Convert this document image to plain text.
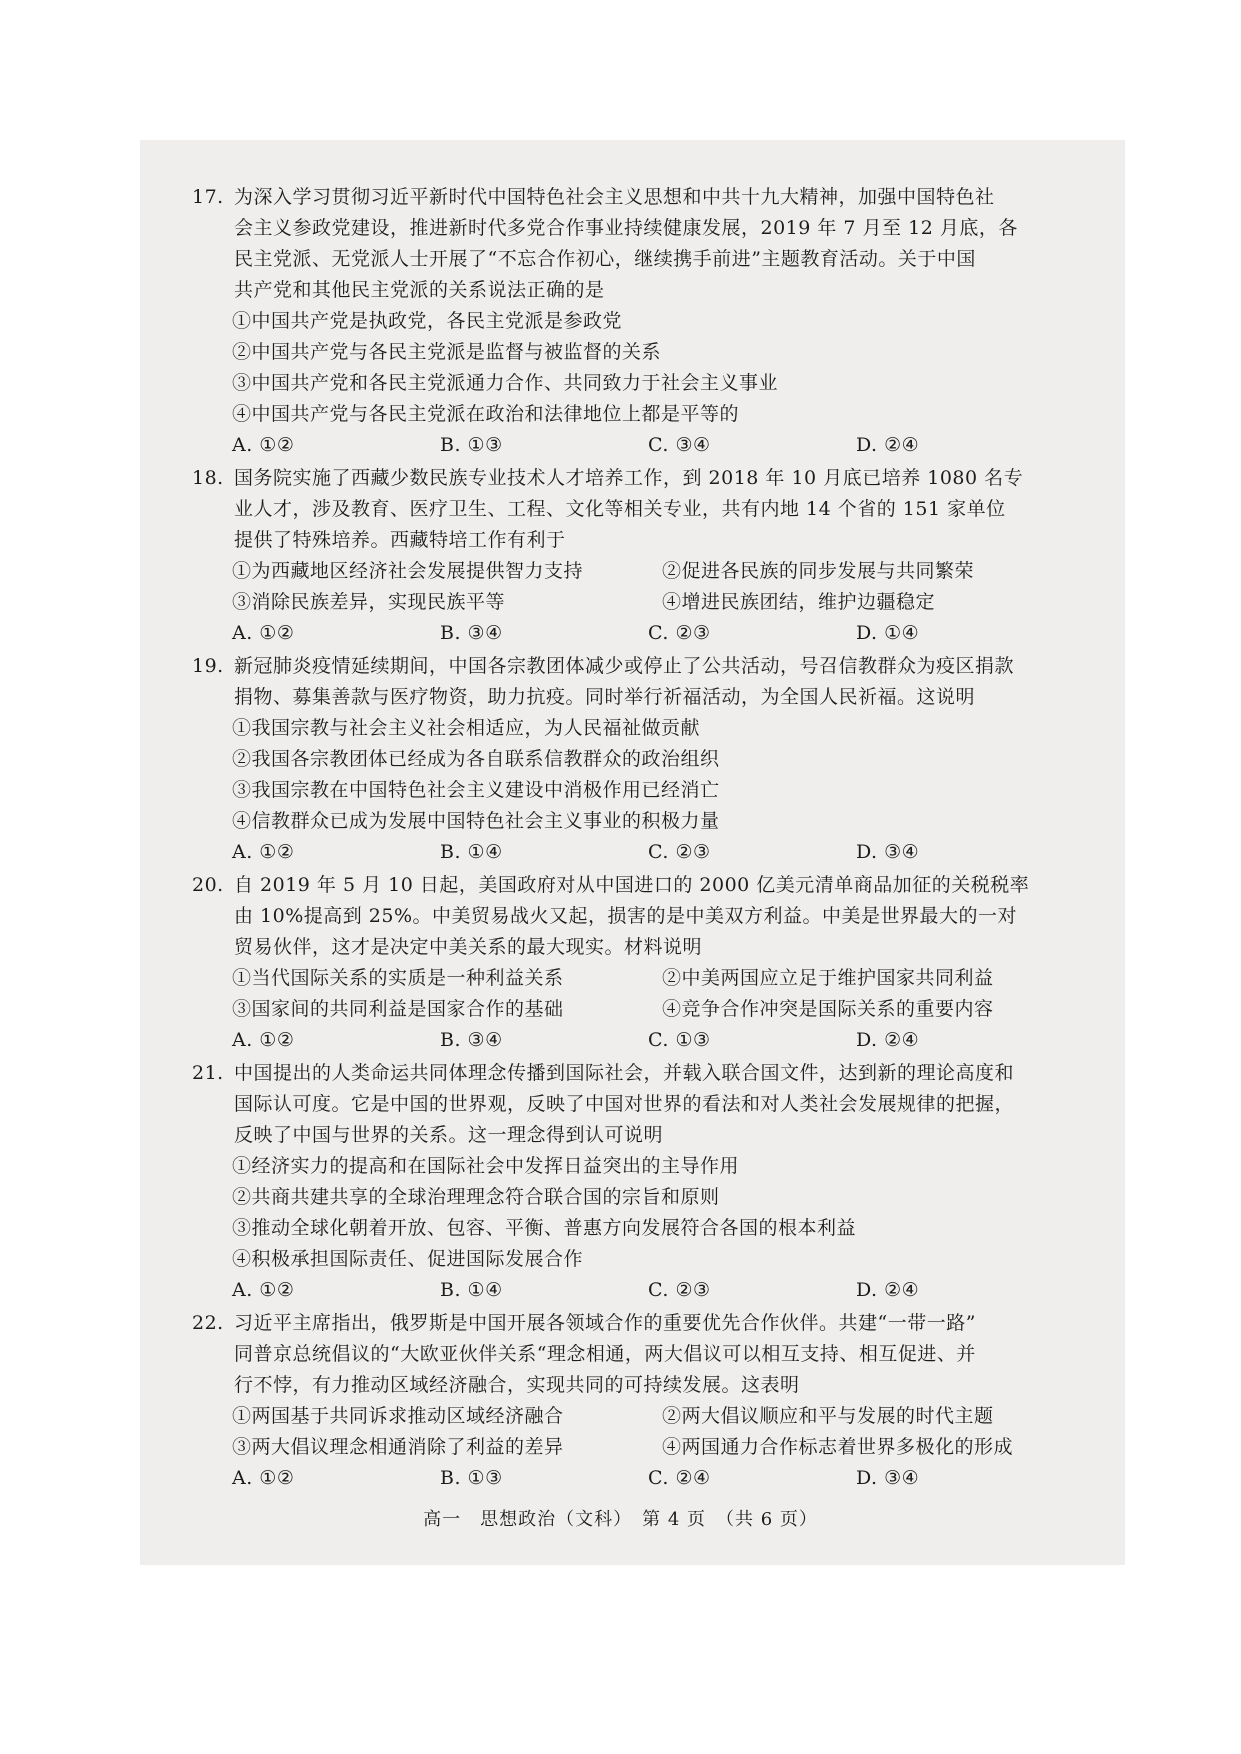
17. 为深入学习贯彻习近平新时代中国特色社会主义思想和中共十九大精神，加强中国特色社
会主义参政党建设，推进新时代多党合作事业持续健康发展，2019 年 7 月至 12 月底，各
民主党派、无党派人士开展了“不忘合作初心，继续携手前进”主题教育活动。关于中国
共产党和其他民主党派的关系说法正确的是
①中国共产党是执政党，各民主党派是参政党
②中国共产党与各民主党派是监督与被监督的关系
③中国共产党和各民主党派通力合作、共同致力于社会主义事业
④中国共产党与各民主党派在政治和法律地位上都是平等的
A. ①②	B. ①③	C. ③④	D. ②④
18. 国务院实施了西藏少数民族专业技术人才培养工作，到 2018 年 10 月底已培养 1080 名专
业人才，涉及教育、医疗卫生、工程、文化等相关专业，共有内地 14 个省的 151 家单位
提供了特殊培养。西藏特培工作有利于
①为西藏地区经济社会发展提供智力支持	②促进各民族的同步发展与共同繁荣
③消除民族差异，实现民族平等	④增进民族团结，维护边疆稳定
A. ①②	B. ③④	C. ②③	D. ①④
19. 新冠肺炎疫情延续期间，中国各宗教团体减少或停止了公共活动，号召信教群众为疫区捐款
捐物、募集善款与医疗物资，助力抗疫。同时举行祈福活动，为全国人民祈福。这说明
①我国宗教与社会主义社会相适应，为人民福祉做贡献
②我国各宗教团体已经成为各自联系信教群众的政治组织
③我国宗教在中国特色社会主义建设中消极作用已经消亡
④信教群众已成为发展中国特色社会主义事业的积极力量
A. ①②	B. ①④	C. ②③	D. ③④
20. 自 2019 年 5 月 10 日起，美国政府对从中国进口的 2000 亿美元清单商品加征的关税税率
由 10%提高到 25%。中美贸易战火又起，损害的是中美双方利益。中美是世界最大的一对
贸易伙伴，这才是决定中美关系的最大现实。材料说明
①当代国际关系的实质是一种利益关系	②中美两国应立足于维护国家共同利益
③国家间的共同利益是国家合作的基础	④竞争合作冲突是国际关系的重要内容
A. ①②	B. ③④	C. ①③	D. ②④
21. 中国提出的人类命运共同体理念传播到国际社会，并载入联合国文件，达到新的理论高度和
国际认可度。它是中国的世界观，反映了中国对世界的看法和对人类社会发展规律的把握，
反映了中国与世界的关系。这一理念得到认可说明
①经济实力的提高和在国际社会中发挥日益突出的主导作用
②共商共建共享的全球治理理念符合联合国的宗旨和原则
③推动全球化朝着开放、包容、平衡、普惠方向发展符合各国的根本利益
④积极承担国际责任、促进国际发展合作
A. ①②	B. ①④	C. ②③	D. ②④
22. 习近平主席指出，俄罗斯是中国开展各领域合作的重要优先合作伙伴。共建“一带一路”
同普京总统倡议的“大欧亚伙伴关系“理念相通，两大倡议可以相互支持、相互促进、并
行不悖，有力推动区域经济融合，实现共同的可持续发展。这表明
①两国基于共同诉求推动区域经济融合	②两大倡议顺应和平与发展的时代主题
③两大倡议理念相通消除了利益的差异	④两国通力合作标志着世界多极化的形成
A. ①②	B. ①③	C. ②④	D. ③④
高一　思想政治（文科）　第 4 页　（共 6 页）
